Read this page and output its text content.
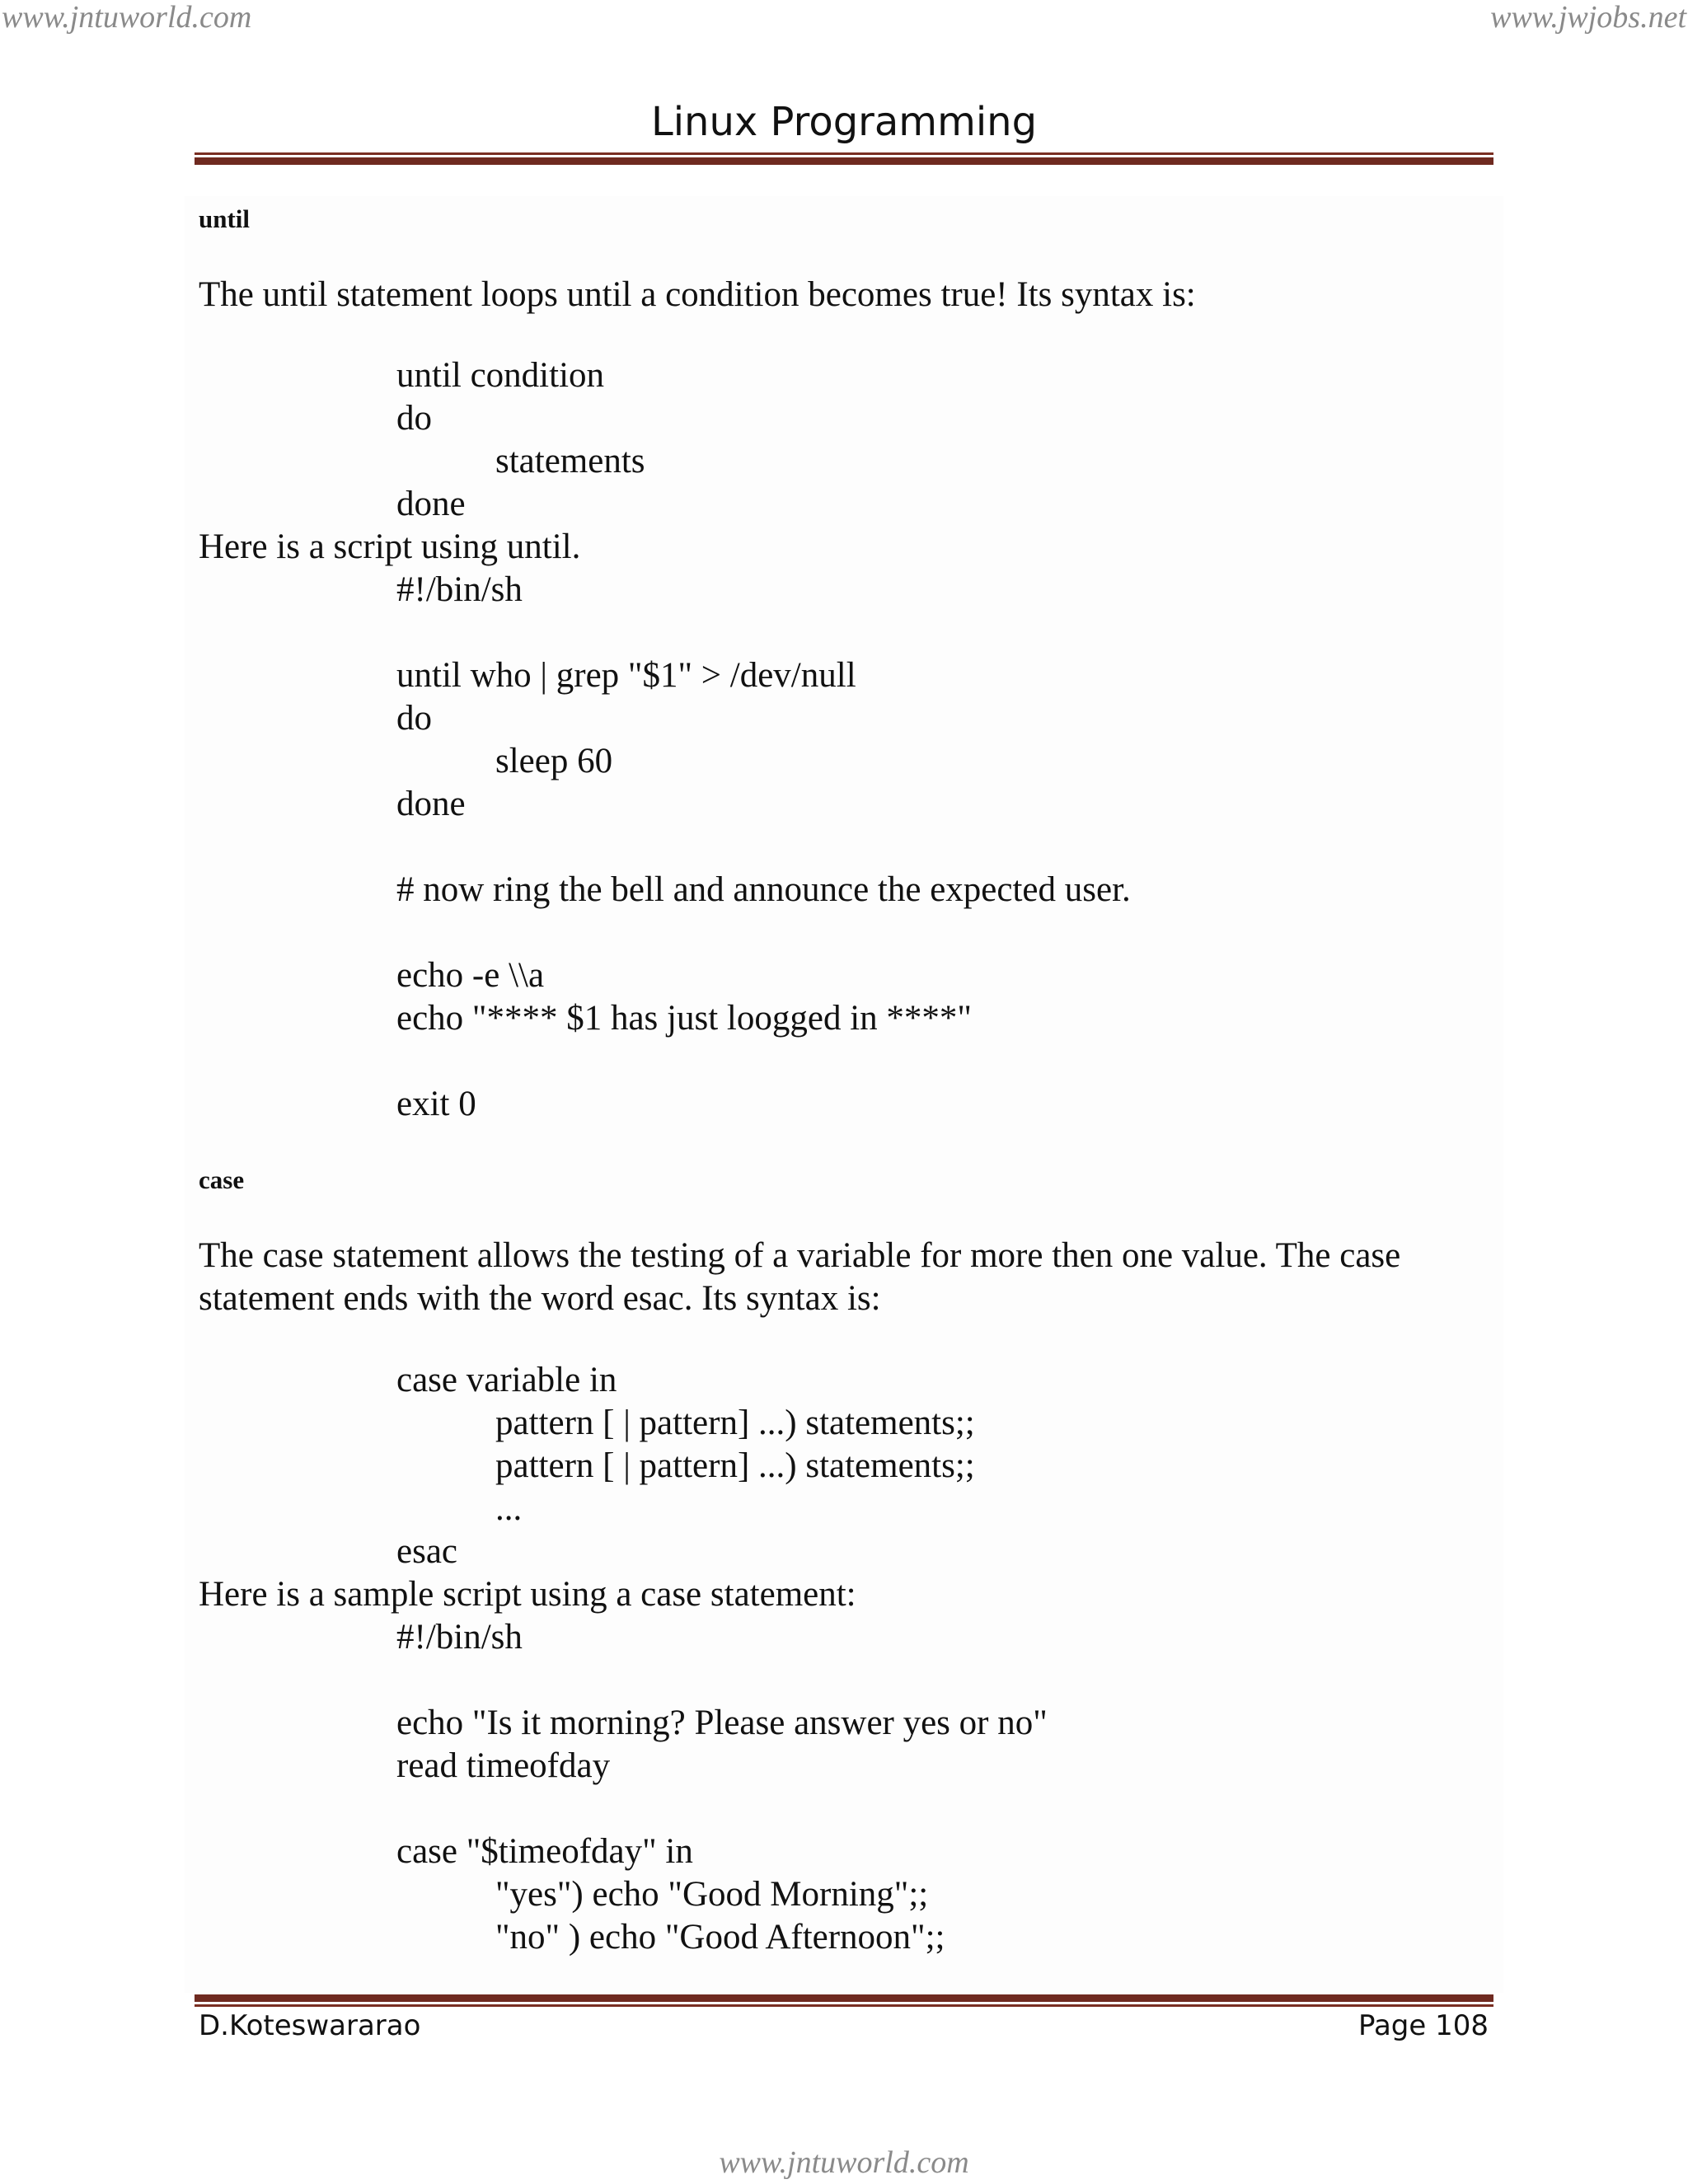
www.jntuworld.com	www.jwjobs.net
Linux Programming
until
The until statement loops until a condition becomes true! Its syntax is:
until condition
do
statements
done
Here is a script using until.
#!/bin/sh
until who | grep "$1" > /dev/null
do
sleep 60
done
# now ring the bell and announce the expected user.
echo -e \\a
echo "**** $1 has just loogged in ****"
exit 0
case
The case statement allows the testing of a variable for more then one value. The case
statement ends with the word esac. Its syntax is:
case variable in
pattern [ | pattern] ...) statements;;
pattern [ | pattern] ...) statements;;
...
esac
Here is a sample script using a case statement:
#!/bin/sh
echo "Is it morning? Please answer yes or no"
read timeofday
case "$timeofday" in
"yes") echo "Good Morning";;
"no" ) echo "Good Afternoon";;
D.Koteswararao	Page 108
www.jntuworld.com
